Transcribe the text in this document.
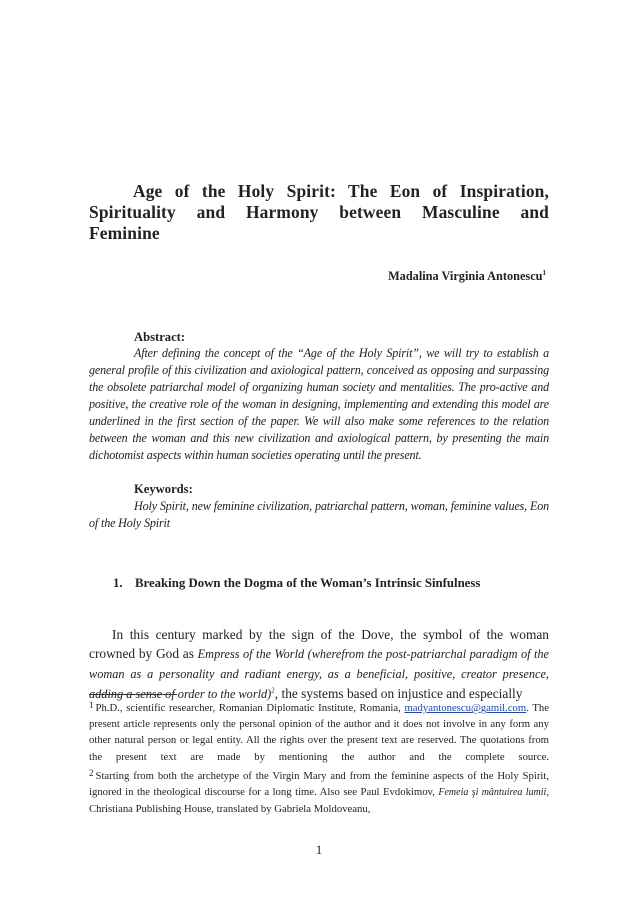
Age of the Holy Spirit: The Eon of Inspiration, Spirituality and Harmony between Masculine and Feminine

Madalina Virginia Antonescu$^1$

Abstract:

After defining the concept of the “Age of the Holy Spirit”, we will try to establish a general profile of this civilization and axiological pattern, conceived as opposing and surpassing the obsolete patriarchal model of organizing human society and mentalities. The pro-active and positive, the creative role of the woman in designing, implementing and extending this model are underlined in the first section of the paper. We will also make some references to the relation between the woman and this new civilization and axiological pattern, by presenting the main dichotomist aspects within human societies operating until the present.

Keywords:

Holy Spirit, new feminine civilization, patriarchal pattern, woman, feminine values, Eon of the Holy Spirit

1. Breaking Down the Dogma of the Woman’s Intrinsic Sinfulness

In this century marked by the sign of the Dove, the symbol of the woman crowned by God as Empress of the World (wherefrom the post-patriarchal paradigm of the woman as a personality and radiant energy, as a beneficial, positive, creator presence, adding a sense of order to the world)$^2$, the systems based on injustice and especially

$^1$ Ph.D., scientific researcher, Romanian Diplomatic Institute, Romania, madyantonescu@gamil.com. The present article represents only the personal opinion of the author and it does not involve in any form any other natural person or legal entity. All the rights over the present text are reserved. The quotations from the present text are made by mentioning the author and the complete source.

$^2$ Starting from both the archetype of the Virgin Mary and from the feminine aspects of the Holy Spirit, ignored in the theological discourse for a long time. Also see Paul Evdokimov, Femeia şi mântuirea lumii, Christiana Publishing House, translated by Gabriela Moldoveanu,

1
